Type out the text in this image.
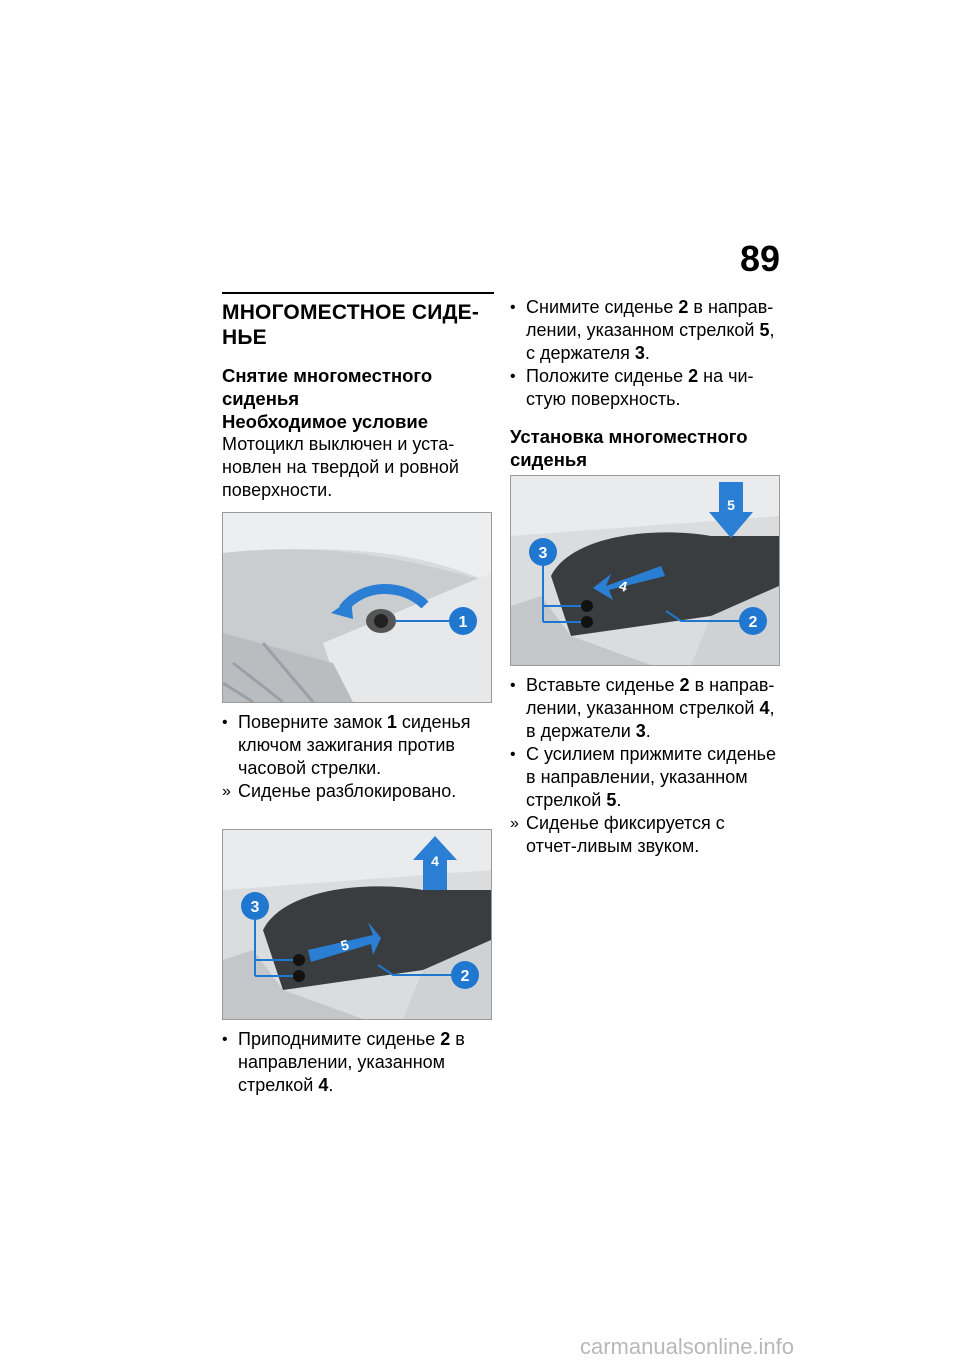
89
МНОГОМЕСТНОЕ СИДЕ-НЬЕ
Снятие многоместного сиденья
Необходимое условие

Мотоцикл выключен и уста-новлен на твердой и ровной поверхности.

1
• Поверните замок 1 сиденья ключом зажигания против часовой стрелки.
» Сиденье разблокировано.
5
4
3
2
• Приподнимите сиденье 2 в направлении, указанном стрелкой 4.
• Снимите сиденье 2 в направ-лении, указанном стрелкой 5, с держателя 3.
• Положите сиденье 2 на чи-стую поверхность.
Установка многоместного сиденья
4
5
3
2
• Вставьте сиденье 2 в направ-лении, указанном стрелкой 4, в держатели 3.
• С усилием прижмите сиденье в направлении, указанном стрелкой 5.
» Сиденье фиксируется с отчет-ливым звуком.
carmanualsonline.info
